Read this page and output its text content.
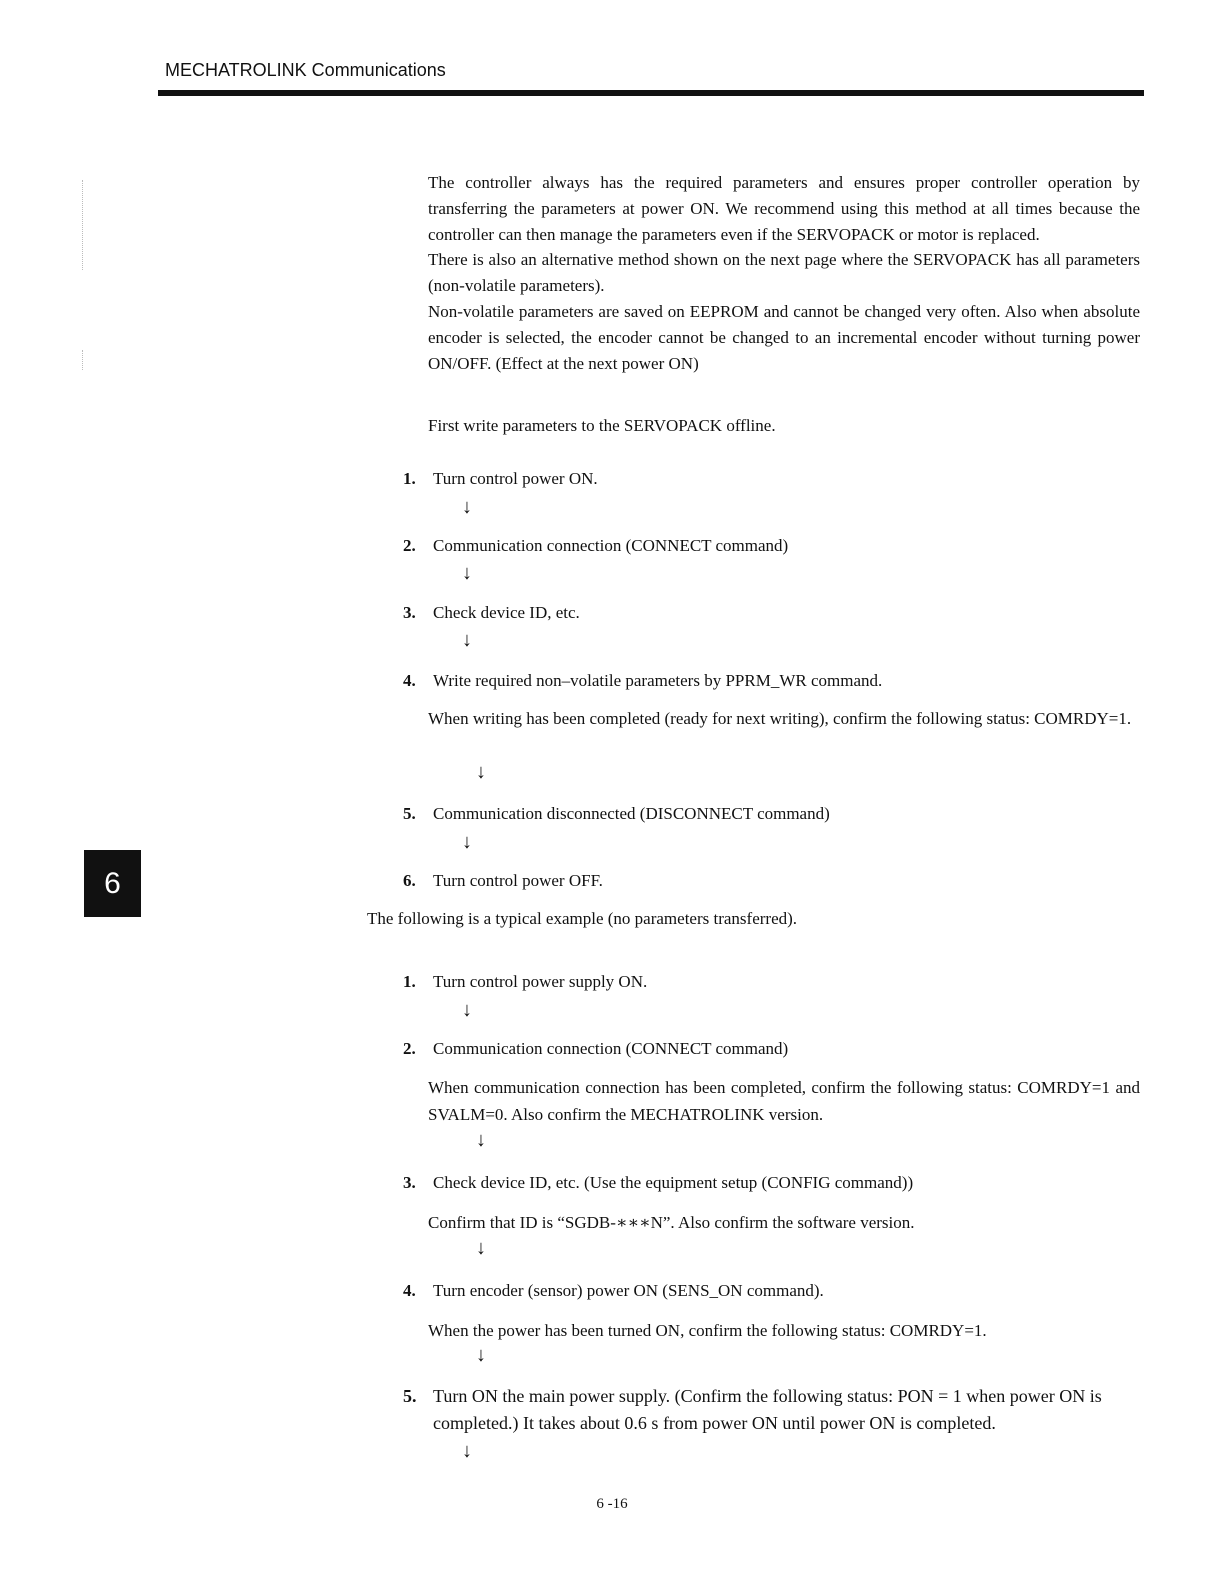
MECHATROLINK Communications
6

The controller always has the required parameters and ensures proper controller operation by transferring the parameters at power ON. We recommend using this method at all times because the controller can then manage the parameters even if the SERVOPACK or motor is replaced.

There is also an alternative method shown on the next page where the SERVOPACK has all parameters (non-volatile parameters).

Non-volatile parameters are saved on EEPROM and cannot be changed very often. Also when absolute encoder is selected, the encoder cannot be changed to an incremental encoder without turning power ON/OFF. (Effect at the next power ON)

First write parameters to the SERVOPACK offline.
1. Turn control power ON.
↓
2. Communication connection (CONNECT command)
↓
3. Check device ID, etc.
↓
4. Write required non–volatile parameters by PPRM_WR command.
When writing has been completed (ready for next writing), confirm the following status: COMRDY=1.
↓
5. Communication disconnected (DISCONNECT command)
↓
6. Turn control power OFF.
The following is a typical example (no parameters transferred).
1. Turn control power supply ON.
↓
2. Communication connection (CONNECT command)
When communication connection has been completed, confirm the following status: COMRDY=1 and SVALM=0. Also confirm the MECHATROLINK version.
↓
3. Check device ID, etc. (Use the equipment setup (CONFIG command))
Confirm that ID is “SGDB-∗∗∗N”. Also confirm the software version.
↓
4. Turn encoder (sensor) power ON (SENS_ON command).
When the power has been turned ON, confirm the following status: COMRDY=1.
↓
5. Turn ON the main power supply. (Confirm the following status: PON = 1 when power ON is completed.) It takes about 0.6 s from power ON until power ON is completed.
↓
6 -16
